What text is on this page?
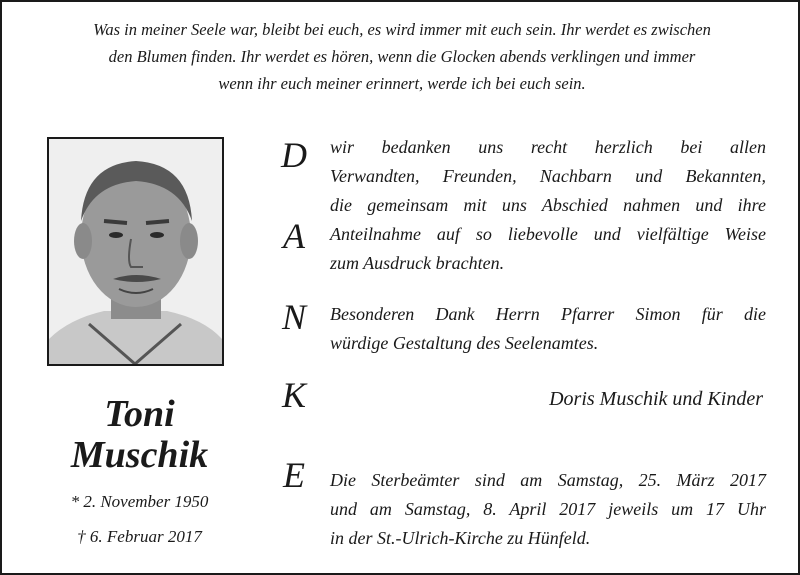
Was in meiner Seele war, bleibt bei euch, es wird immer mit euch sein. Ihr werdet es zwischen
den Blumen finden. Ihr werdet es hören, wenn die Glocken abends verklingen und immer
wenn ihr euch meiner erinnert, werde ich bei euch sein.
Toni
Muschik
* 2. November 1950
† 6. Februar 2017
D
A
N
K
E
wir bedanken uns recht herzlich bei allen
Verwandten, Freunden, Nachbarn und Bekannten,
die gemeinsam mit uns Abschied nahmen und ihre
Anteilnahme auf so liebevolle und vielfältige Weise
zum Ausdruck brachten.
Besonderen Dank Herrn Pfarrer Simon für die
würdige Gestaltung des Seelenamtes.
Doris Muschik und Kinder
Die Sterbeämter sind am Samstag, 25. März 2017
und am Samstag, 8. April 2017 jeweils um 17 Uhr
in der St.-Ulrich-Kirche zu Hünfeld.
